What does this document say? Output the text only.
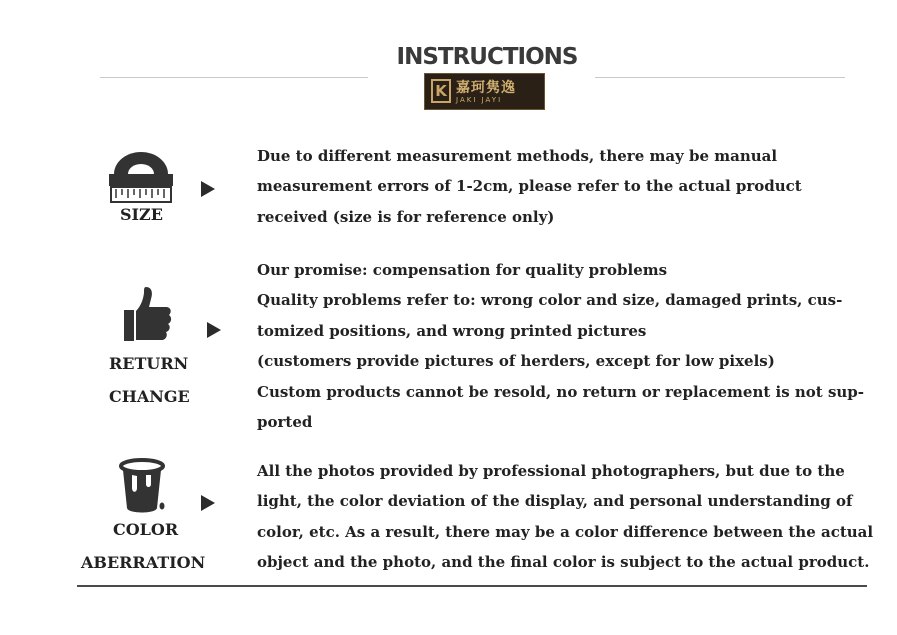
INSTRUCTIONS
K 嘉珂隽逸
JAKI JAYI
SIZE
Due to different measurement methods, there may be manual
measurement errors of 1-2cm, please refer to the actual product
received (size is for reference only)
RETURN
CHANGE
Our promise: compensation for quality problems
Quality problems refer to: wrong color and size, damaged prints, cus-
tomized positions, and wrong printed pictures
(customers provide pictures of herders, except for low pixels)
Custom products cannot be resold, no return or replacement is not sup-
ported
COLOR
ABERRATION
All the photos provided by professional photographers, but due to the
light, the color deviation of the display, and personal understanding of
color, etc. As a result, there may be a color difference between the actual
object and the photo, and the final color is subject to the actual product.
